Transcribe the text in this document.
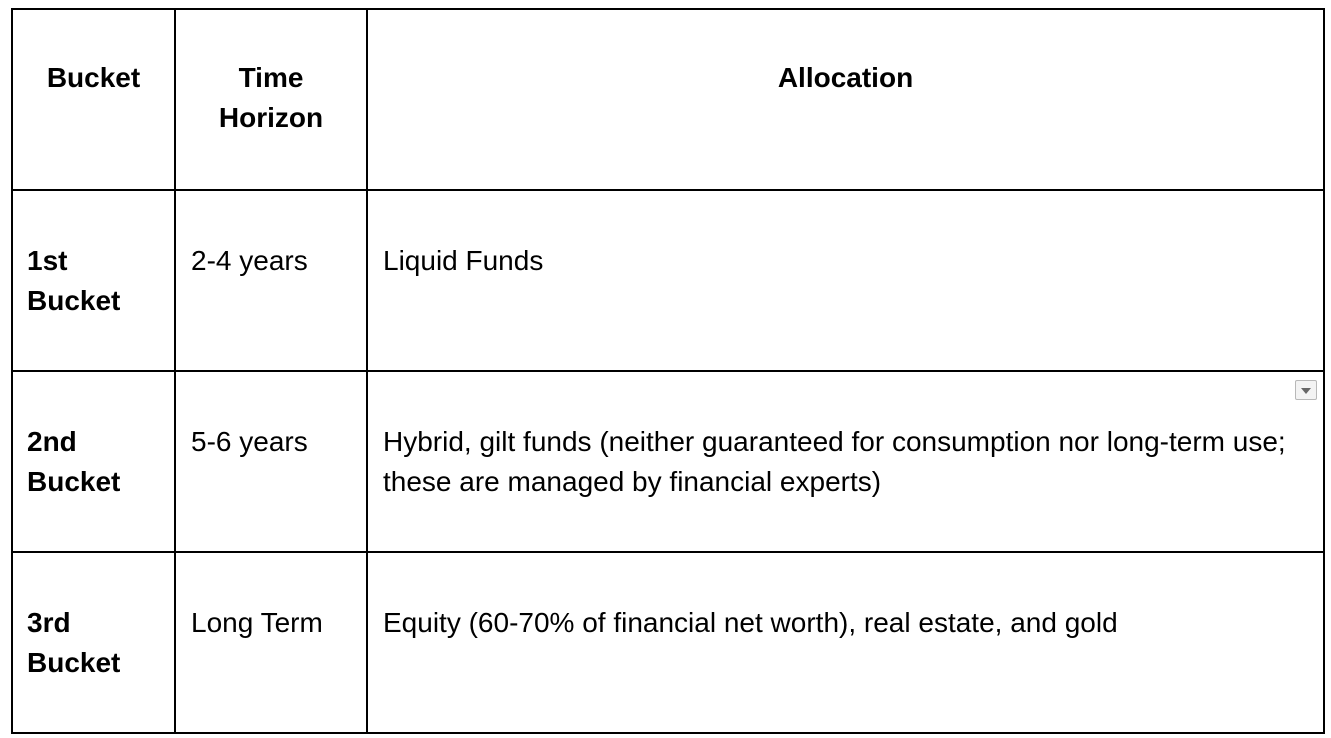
Bucket	Time Horizon	Allocation

1st Bucket	2-4 years	Liquid Funds

2nd Bucket	5-6 years	Hybrid, gilt funds (neither guaranteed for consumption nor long-term use; these are managed by financial experts)

3rd Bucket	Long Term	Equity (60-70% of financial net worth), real estate, and gold
